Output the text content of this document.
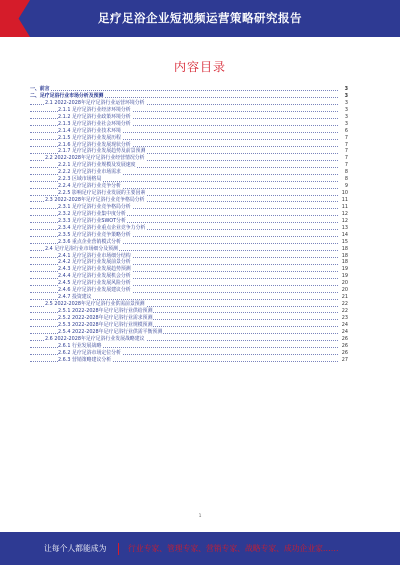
足疗足浴企业短视频运营策略研究报告
内容目录
一、前言	3
二、足疗足浴行业市场分析及预测	3
2.1 2022-2028年足疗足浴行业运营环境分析	3
2.1.1 足疗足浴行业经济环境分析	3
2.1.2 足疗足浴行业政策环境分析	3
2.1.3 足疗足浴行业社会环境分析	3
2.1.4 足疗足浴行业技术环境	6
2.1.5 足疗足浴行业发展历程	7
2.1.6 足疗足浴行业发展现状分析	7
2.1.7 足疗足浴行业发展趋势及前景预测	7
2.2 2022-2028年足疗足浴行业经营情况分析	7
2.2.1 足疗足浴行业规模及发展速度	7
2.2.2 足疗足浴行业市场需求	8
2.2.3 区域市场格局	8
2.2.4 足疗足浴行业竞争分析	9
2.2.5 影响足疗足浴行业发展的主要因素	10
2.3 2022-2028年足疗足浴行业竞争格局分析	11
2.3.1 足疗足浴行业竞争格局分析	11
2.3.2 足疗足浴行业集中度分析	12
2.3.3 足疗足浴行业SWOT分析	12
2.3.4 足疗足浴行业重点企业竞争力分析	13
2.3.5 足疗足浴行业竞争策略分析	14
2.3.6 重点企业营销模式分析	15
2.4 足疗足浴行业市场细分及预测	18
2.4.1 足疗足浴行业市场细分结构	18
2.4.2 足疗足浴行业发展前景分析	18
2.4.3 足疗足浴行业发展趋势预测	19
2.4.4 足疗足浴行业发展机会分析	19
2.4.5 足疗足浴行业发展风险分析	20
2.4.6 足疗足浴行业发展建议分析	20
2.4.7 投资建议	21
2.5 2022-2028年足疗足浴行业供需前景预测	22
2.5.1 2022-2028年足疗足浴行业供给预测	22
2.5.2 2022-2028年足疗足浴行业需求预测	23
2.5.3 2022-2028年足疗足浴行业规模预测	24
2.5.4 2022-2028年足疗足浴行业供需平衡预测	24
2.6 2022-2028年足疗足浴行业发展战略建议	26
2.6.1 行业发展战略	26
2.6.2 足疗足浴市场定位分析	26
2.6.3 营销策略建议分析	27
1
让每个人都能成为	行业专家、管理专家、营销专家、战略专家、成功企业家……
